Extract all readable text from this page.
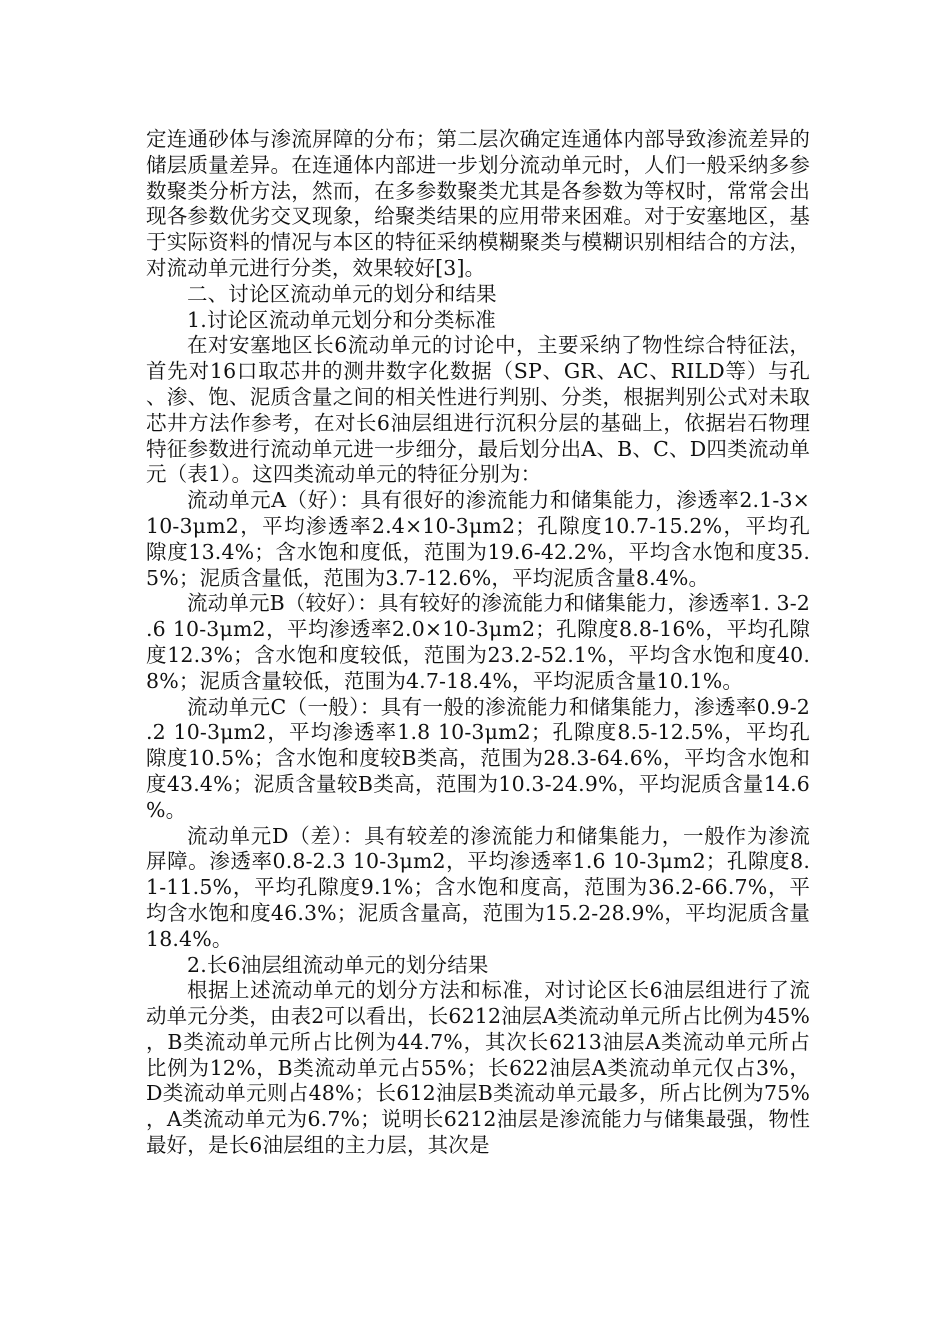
定连通砂体与渗流屏障的分布；第二层次确定连通体内部导致渗流差异的储层质量差异。在连通体内部进一步划分流动单元时，人们一般采纳多参数聚类分析方法，然而，在多参数聚类尤其是各参数为等权时，常常会出现各参数优劣交叉现象，给聚类结果的应用带来困难。对于安塞地区，基于实际资料的情况与本区的特征采纳模糊聚类与模糊识别相结合的方法，对流动单元进行分类，效果较好[3]。

二、讨论区流动单元的划分和结果

1.讨论区流动单元划分和分类标准

在对安塞地区长6流动单元的讨论中，主要采纳了物性综合特征法，首先对16口取芯井的测井数字化数据（SP、GR、AC、RILD等）与孔、渗、饱、泥质含量之间的相关性进行判别、分类，根据判别公式对未取芯井方法作参考，在对长6油层组进行沉积分层的基础上，依据岩石物理特征参数进行流动单元进一步细分，最后划分出A、B、C、D四类流动单元（表1）。这四类流动单元的特征分别为：

流动单元A（好）：具有很好的渗流能力和储集能力，渗透率2.1-3×10-3μm2，平均渗透率2.4×10-3μm2；孔隙度10.7-15.2%，平均孔隙度13.4%；含水饱和度低，范围为19.6-42.2%，平均含水饱和度35.5%；泥质含量低，范围为3.7-12.6%，平均泥质含量8.4%。

流动单元B（较好）：具有较好的渗流能力和储集能力，渗透率1. 3-2.6 10-3μm2，平均渗透率2.0×10-3μm2；孔隙度8.8-16%，平均孔隙度12.3%；含水饱和度较低，范围为23.2-52.1%，平均含水饱和度40.8%；泥质含量较低，范围为4.7-18.4%，平均泥质含量10.1%。

流动单元C（一般）：具有一般的渗流能力和储集能力，渗透率0.9-2.2 10-3μm2，平均渗透率1.8 10-3μm2；孔隙度8.5-12.5%，平均孔隙度10.5%；含水饱和度较B类高，范围为28.3-64.6%，平均含水饱和度43.4%；泥质含量较B类高，范围为10.3-24.9%，平均泥质含量14.6%。

流动单元D（差）：具有较差的渗流能力和储集能力，一般作为渗流屏障。渗透率0.8-2.3 10-3μm2，平均渗透率1.6 10-3μm2；孔隙度8.1-11.5%，平均孔隙度9.1%；含水饱和度高，范围为36.2-66.7%，平均含水饱和度46.3%；泥质含量高，范围为15.2-28.9%，平均泥质含量18.4%。

2.长6油层组流动单元的划分结果

根据上述流动单元的划分方法和标准，对讨论区长6油层组进行了流动单元分类，由表2可以看出，长6212油层A类流动单元所占比例为45%，B类流动单元所占比例为44.7%，其次长6213油层A类流动单元所占比例为12%，B类流动单元占55%；长622油层A类流动单元仅占3%，D类流动单元则占48%；长612油层B类流动单元最多，所占比例为75%，A类流动单元为6.7%；说明长6212油层是渗流能力与储集最强，物性最好，是长6油层组的主力层，其次是
